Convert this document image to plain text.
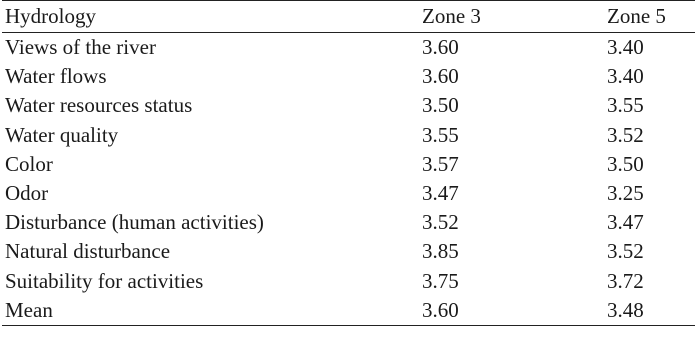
Hydrology	Zone 3	Zone 5
Views of the river	3.60	3.40
Water flows	3.60	3.40
Water resources status	3.50	3.55
Water quality	3.55	3.52
Color	3.57	3.50
Odor	3.47	3.25
Disturbance (human activities)	3.52	3.47
Natural disturbance	3.85	3.52
Suitability for activities	3.75	3.72
Mean	3.60	3.48
